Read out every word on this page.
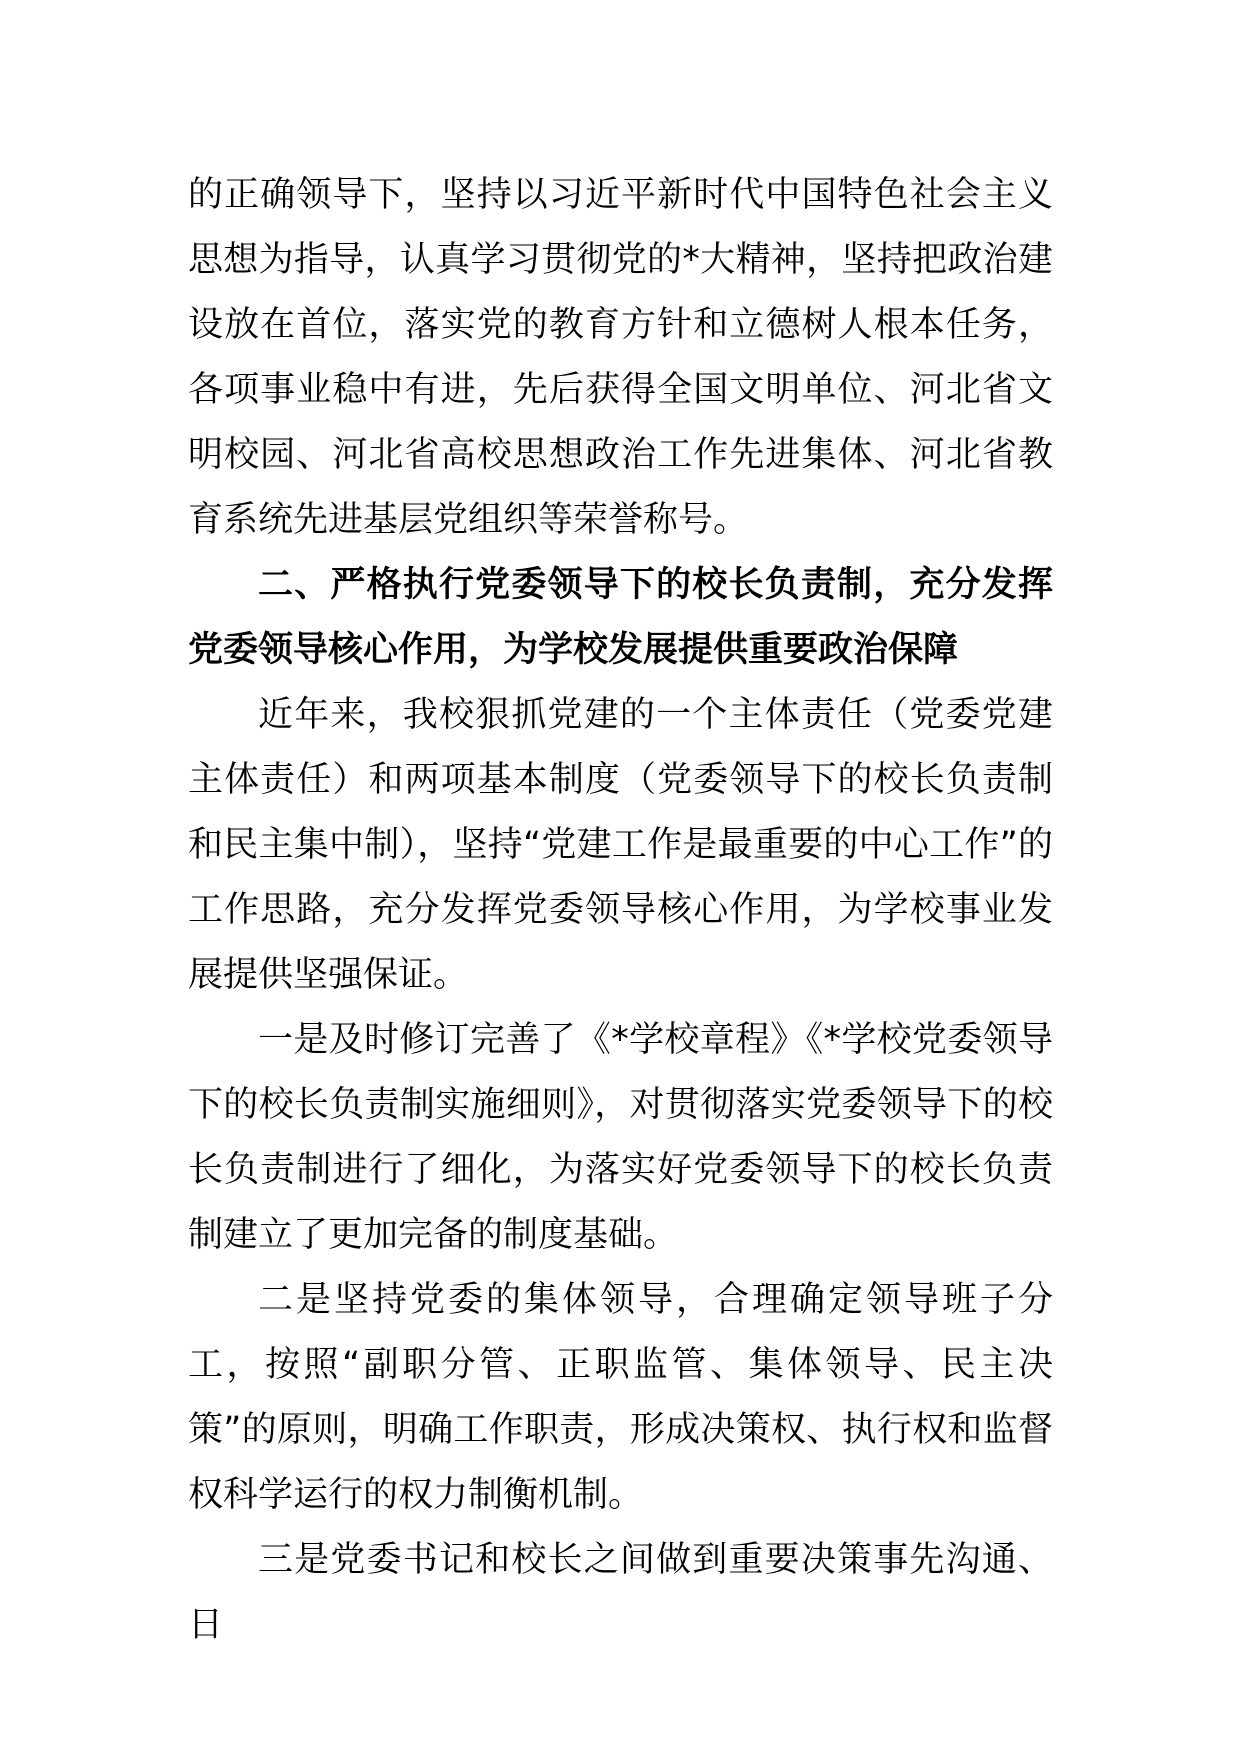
的正确领导下，坚持以习近平新时代中国特色社会主义思想为指导，认真学习贯彻党的*大精神，坚持把政治建设放在首位，落实党的教育方针和立德树人根本任务，各项事业稳中有进，先后获得全国文明单位、河北省文明校园、河北省高校思想政治工作先进集体、河北省教育系统先进基层党组织等荣誉称号。

二、严格执行党委领导下的校长负责制，充分发挥党委领导核心作用，为学校发展提供重要政治保障

近年来，我校狠抓党建的一个主体责任（党委党建主体责任）和两项基本制度（党委领导下的校长负责制和民主集中制），坚持“党建工作是最重要的中心工作”的工作思路，充分发挥党委领导核心作用，为学校事业发展提供坚强保证。

一是及时修订完善了《*学校章程》《*学校党委领导下的校长负责制实施细则》，对贯彻落实党委领导下的校长负责制进行了细化，为落实好党委领导下的校长负责制建立了更加完备的制度基础。

二是坚持党委的集体领导，合理确定领导班子分工，按照“副职分管、正职监管、集体领导、民主决策”的原则，明确工作职责，形成决策权、执行权和监督权科学运行的权力制衡机制。

三是党委书记和校长之间做到重要决策事先沟通、日
